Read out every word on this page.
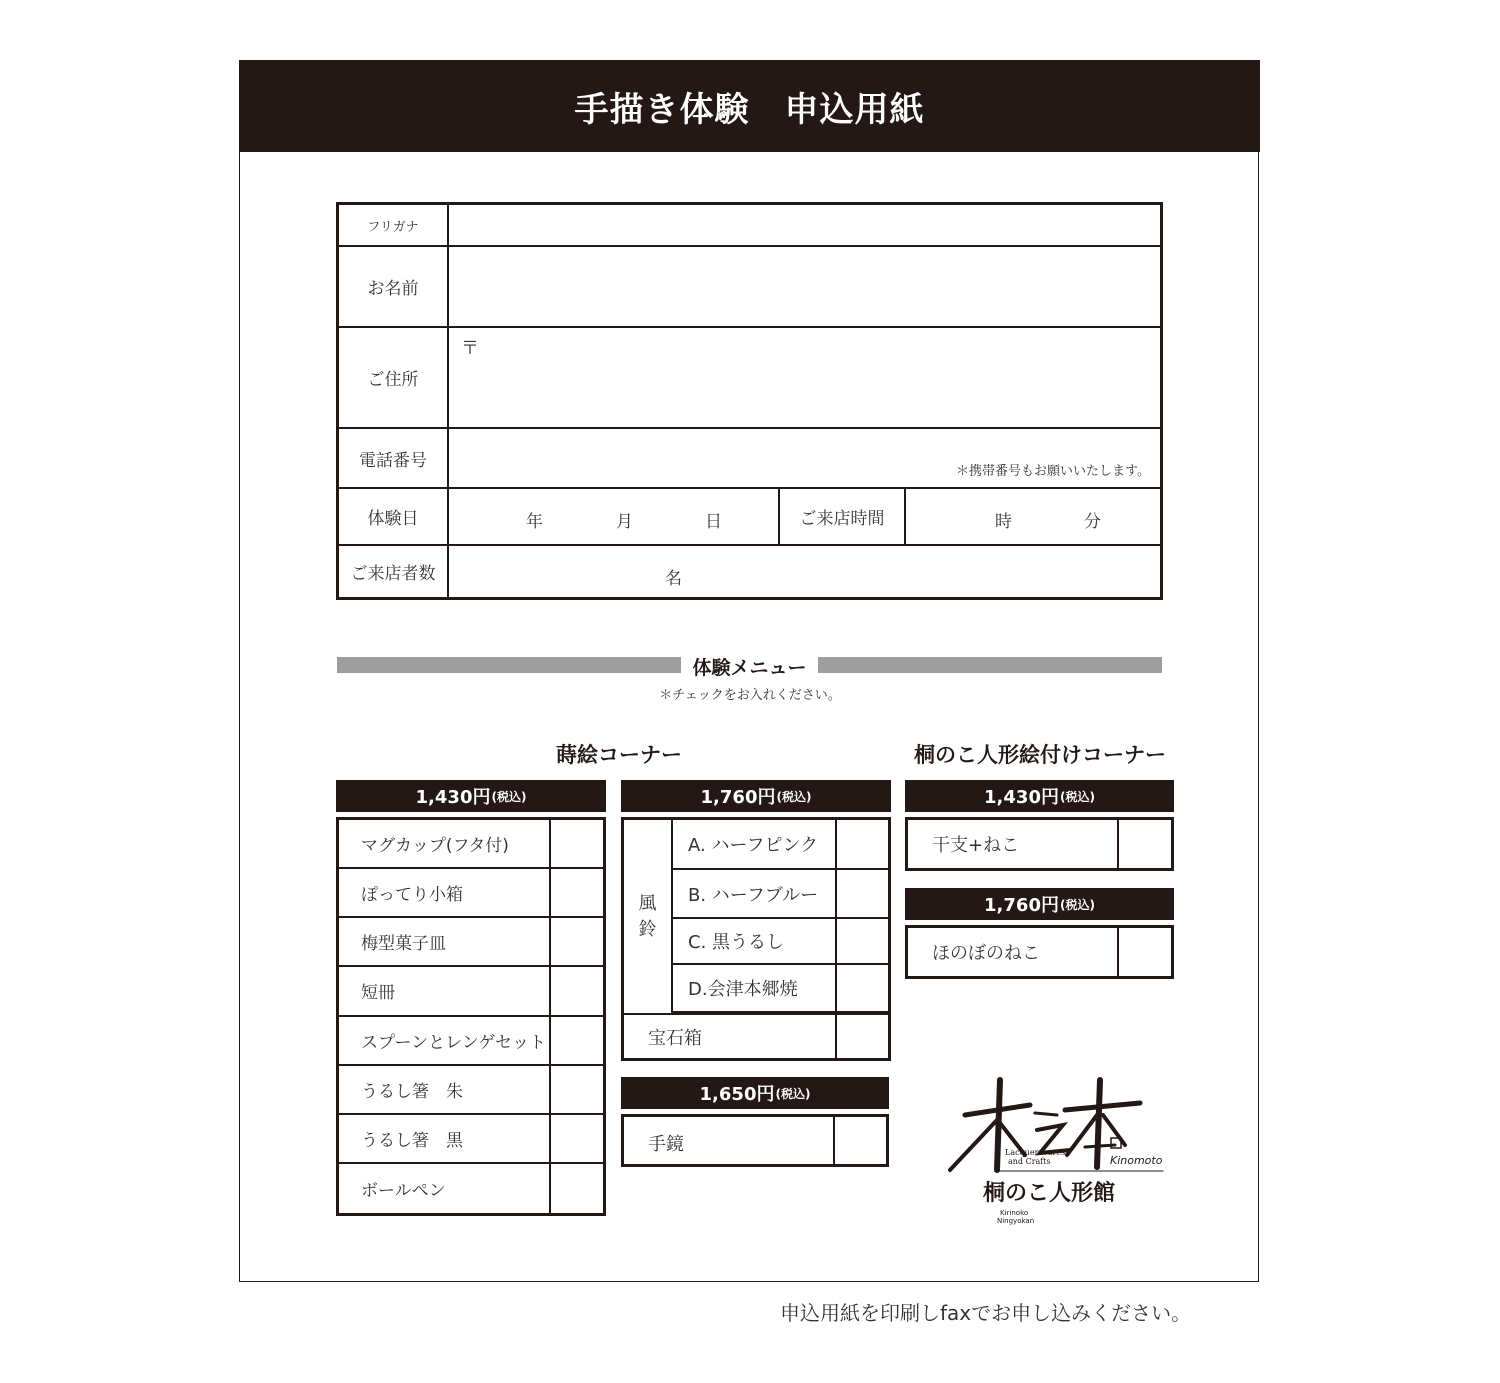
手描き体験　申込用紙
フリガナ
お名前
ご住所
〒
電話番号
＊携帯番号もお願いいたします。
体験日	年	月	日	ご来店時間	時	分
ご来店者数	名
体験メニュー
＊チェックをお入れください。
蒔絵コーナー	桐のこ人形絵付けコーナー
1,430円 (税込)
マグカップ(フタ付)
ぽってり小箱
梅型菓子皿
短冊
スプーンとレンゲセット
うるし箸　朱
うるし箸　黒
ボールペン
1,760円 (税込)
風
鈴
A. ハーフピンク
B. ハーフブルー
C. 黒うるし
D.会津本郷焼
宝石箱
1,650円 (税込)
手鏡
1,430円 (税込)
干支+ねこ
1,760円 (税込)
ほのぼのねこ
Lacquer wares
and Crafts	Kinomoto
桐のこ人形館
Kirinoko
Ningyokan
申込用紙を印刷しfaxでお申し込みください。
